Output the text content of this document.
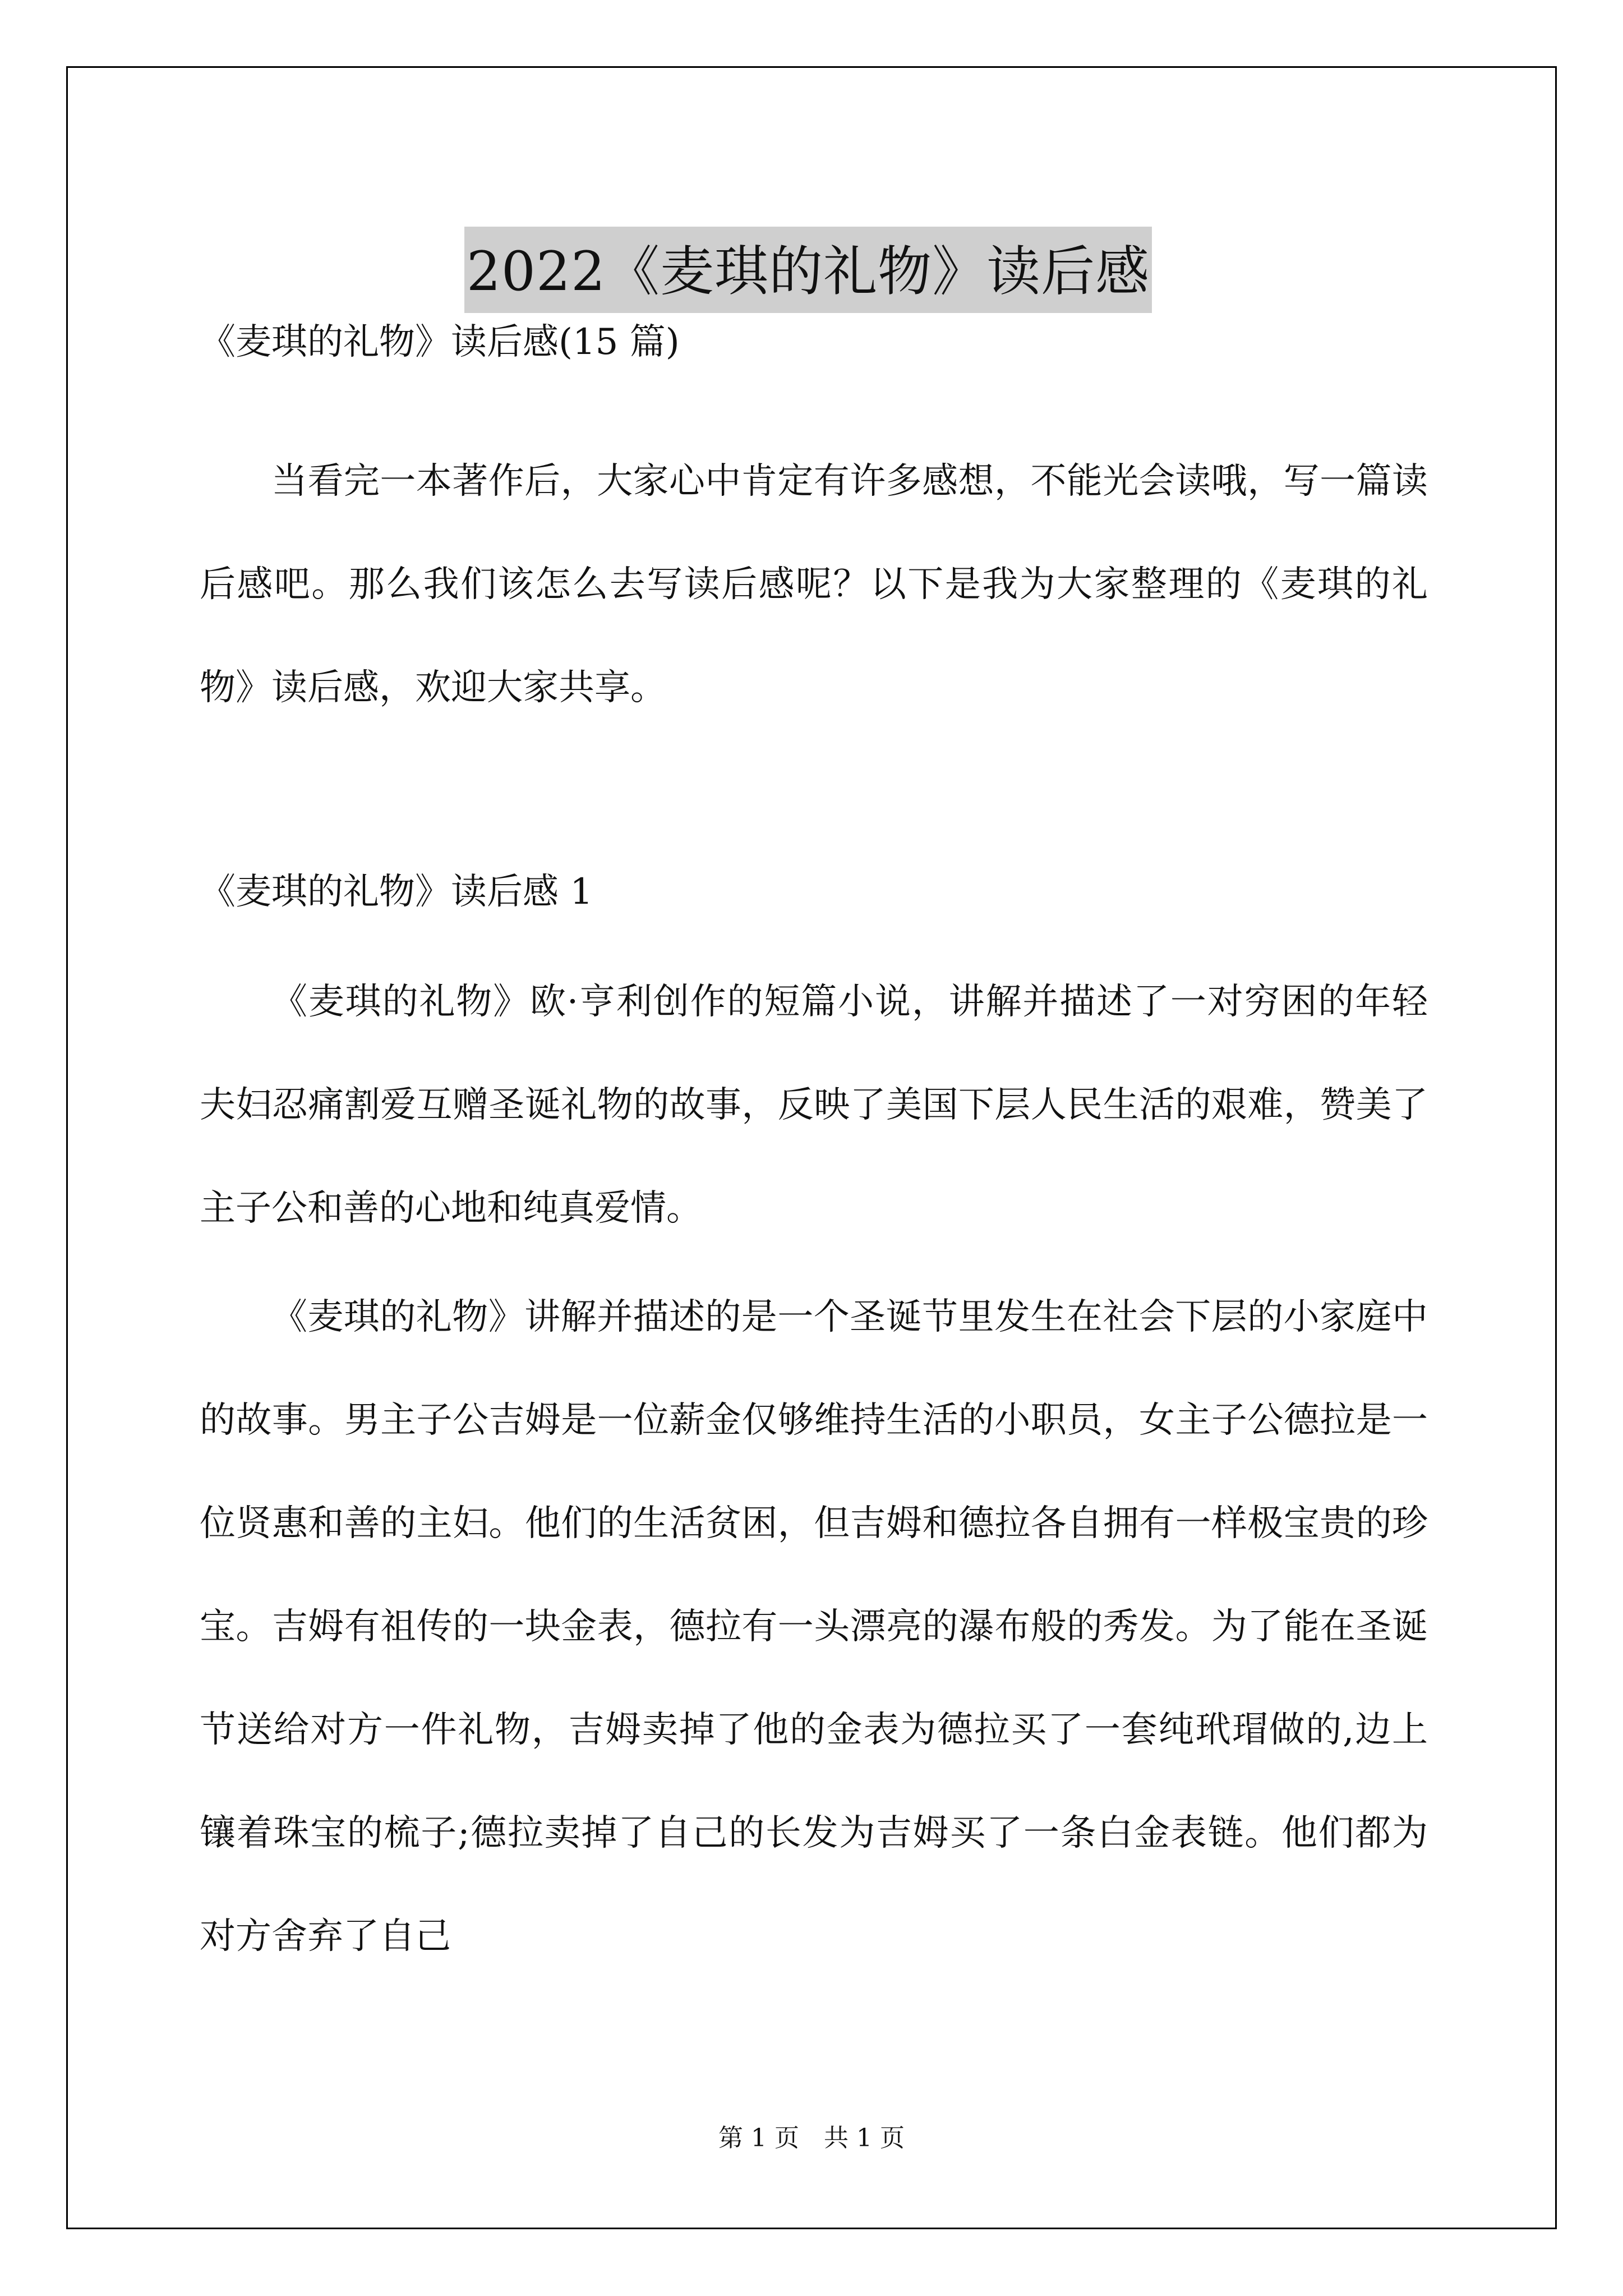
2022《麦琪的礼物》读后感
《麦琪的礼物》读后感(15 篇)

当看完一本著作后，大家心中肯定有许多感想，不能光会读哦，写一篇读后感吧。那么我们该怎么去写读后感呢？以下是我为大家整理的《麦琪的礼物》读后感，欢迎大家共享。

《麦琪的礼物》读后感 1

《麦琪的礼物》欧·亨利创作的短篇小说，讲解并描述了一对穷困的年轻夫妇忍痛割爱互赠圣诞礼物的故事，反映了美国下层人民生活的艰难，赞美了主子公和善的心地和纯真爱情。

《麦琪的礼物》讲解并描述的是一个圣诞节里发生在社会下层的小家庭中的故事。男主子公吉姆是一位薪金仅够维持生活的小职员，女主子公德拉是一位贤惠和善的主妇。他们的生活贫困，但吉姆和德拉各自拥有一样极宝贵的珍宝。吉姆有祖传的一块金表，德拉有一头漂亮的瀑布般的秀发。为了能在圣诞节送给对方一件礼物，吉姆卖掉了他的金表为德拉买了一套纯玳瑁做的,边上镶着珠宝的梳子;德拉卖掉了自己的长发为吉姆买了一条白金表链。他们都为对方舍弃了自己

第 1 页　共 1 页
